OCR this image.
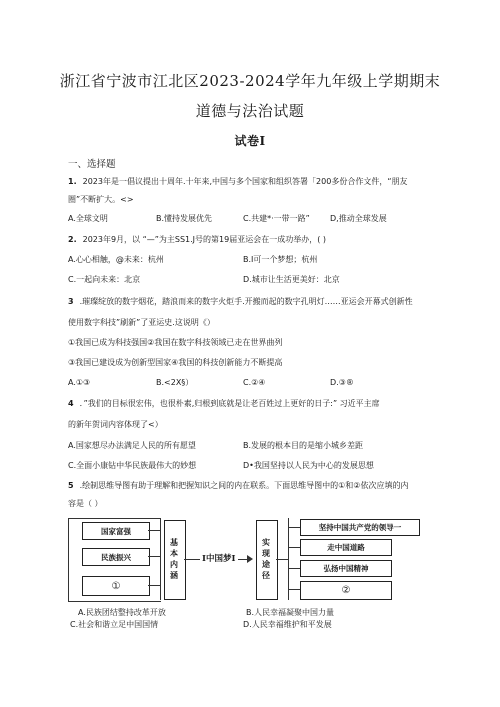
浙江省宁波市江北区2023-2024学年九年级上学期期末
道德与法治试题
试卷Ⅰ
一、选择题
1. 2023年是一倡议提出十周年.十年来,中国与多个国家和组织答署「200多份合作文件，“朋友
圈”不断扩大。<>
A.全球文明	B.懂持发展优先	C.共建*·一带一路”	D,推动全球发展
2. 2023年9月，以 “—”为主SS1.J号的第19届亚运会在一成功举办，( )
A.心心相触，@未来：杭州	B.I可一个梦想；杭州
C.一起向未来：北京	D.城市让生活更美好：北京
3 .璀璨绽放的数字烟花，踏浪而来的数字火炬手.开搬而起的数字孔明灯……亚运会开幕式创新性
使用数字科技”刷新”了亚运史.这说明《）
①我国已成为科技强国②我国在数字科技领域已走在世界曲列
③我国已建设成为创新型国家④我国的科技创新能力不断提高
A.①③	B.<2X§）	C.②④	D.③®
4 ．”我们的目标很宏伟，也很朴素,归根到底就是让老百姓过上更好的日子:” 习近平主席
的新年贺词内容体现了<）
A.国家想尽办法满足人民的所有愿望	B.发展的根本目的是缩小城乡差距
C.全面小康钻中华民族最伟大的妙想	D•我国坚持以人民为中心的发展思想
5 .绘制思维导图有助于理解和把握知识之间的内在联系。下面思维导图中的①和②依次应填的内
容是（ ）
国家富强
民族振兴
①
基本内涵	I中国梦I	实现途径
坚持中国共产党的领导一
走中国道路
弘扬中国精神
②
A.民族团结整持改革开放	B.人民幸福凝聚中国力量
C.社会和谐立足中国国情	D.人民幸福维护和平发展
